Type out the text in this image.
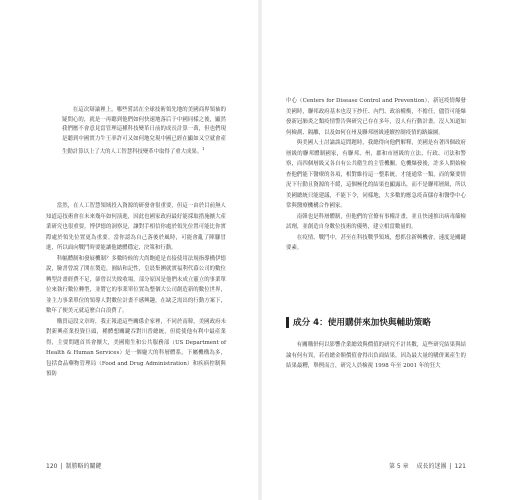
在這次辯論裡上，哪些嘗試在全球技術領先地的美國商界領袖的疑問心的，就是一再聽到他們如何快速地落后于中國同樣之後，顯然我們應不會意見當管理這種科技變革日前的成長計算一萬，但也們現是聽到中國實力牛王率許可又如何地兌現中國已經在顯如又空就會產生動計算以上了大的人工智慧科技變革中取得了重大成果。$^1$

當然，在人工智慧領域投入資源的研發會很重要，但這一由於目前無人知道這技術會在未來幾年如何演進，因此也國家政府最好能採取措施擴大產業研究也很重要，博伊德的洞察是，讓對手相信你處於領先位置可能比你實際處於領先位置更為重要。當你認為自己落後於風時，可能會亂了陣腳冒進，所以面向戰鬥時要能讓他總體穩定、決策和行動。

科幅體制和發展機制？多數時候的大尚飽遊是直接使用法規指導構伊德說，臉書曾說了開在製造，圓結和記性，皇晨集團就實福利代幕公司的數位轉型計畫經費不足，卻曾以失敗收場，部分原因是他們未成立靈立的事業單位來執行數位轉型，並將它的事業單位置為整個大公司創造新的數位世界，並主力事業單位的領導人對數位計畫不感興趣，在缺乏需出的行動方案下，數年了便美元就這麼白白浪費了。

購買這段文章時，我正報道這些關係企家裡，不同於南韓，美國政府未對新興產業投資巨頭，種體想關鍵吞對川普總統，但從使他有利中最產業得，主要問題首其會擴大，美國衛生和公共服務部（US Department of Health & Human Services）是一個龐大的科層體系，下屬機構為多，包括食品藥物管理局（Food and Drug Administration）和疾病控制與預防

120 | 制勝略的關鍵

中心（Centers for Disease Control and Prevention），新冠疫情爆發美國時，聯邦政府基本也沒下抄任、內門、政治權衡，不擔任，儘管可能爆發新冠肺炎之類疫情警告與研究已存在多年，沒人有行動計畫。沒人知道如何檢測、隔離，以及如何在州及聯邦層級連續控制疫情的路線圖。

與美國人士討論談這問題時，我總得向他們解釋，美國是有著四個政府層級的聯邦體制國家，有聯邦、州，郡和市層級的立法、行政、司法和警察，而四個層級又各自有公共衛生的主管機關，危機爆發後，許多人開始檢查他們能下醫療的各項，相對維持這一整系統，才能通常一類，而的緊要情況下行動且資源的不緩，這個極化的結果也顯露出，而不是聯邦層級，所以美國總統只能建議，不能下令，同樣地，大多數的應急疫苗儲存和醫學中心常與醫療機構合作國家。

南韓也是科層體制，但他們的官僚有事權計畫，並且快速推出病毒篩檢試劑，並創造自身數位技術的優勢，建立相當數量的。

在疫情、戰鬥中，甚至在科技戰爭領域，想抓住新興機會，速度是關鍵要素。

成分 4：使用購併來加快與輔助策略

有關購併何以影響企業總效與價值的研究不計其數，這些研究結果與結論有何有異，若看總金額價值會得出負面結果，因為最大量的購併案產生的結果最糟，舉例而言，研究人員檢視 1998 年至 2001 年的狂大

第 5 章 成長的迷團 | 121
